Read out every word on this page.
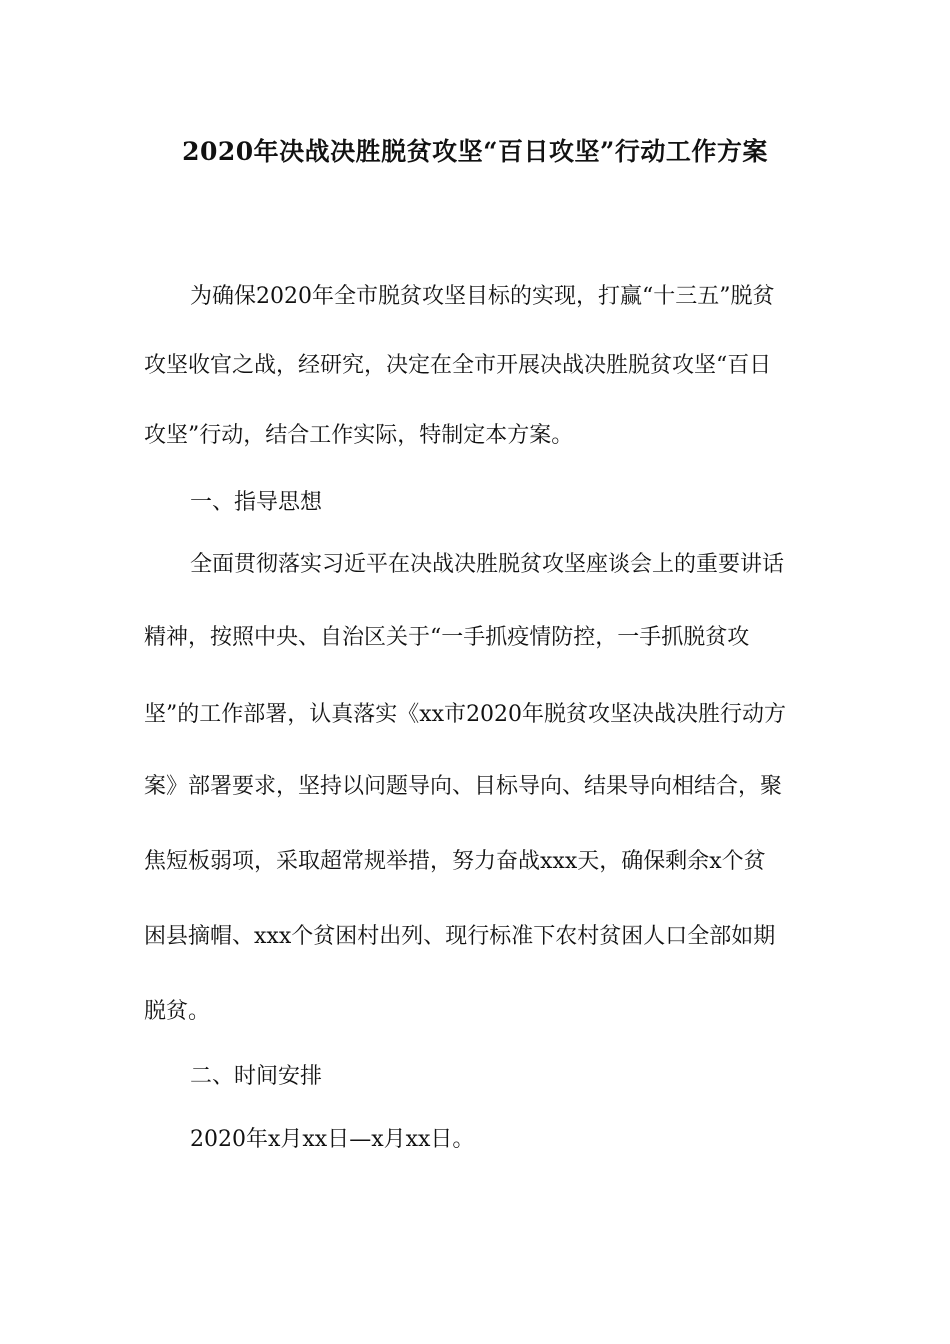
2020年决战决胜脱贫攻坚“百日攻坚”行动工作方案
为确保2020年全市脱贫攻坚目标的实现，打赢“十三五”脱贫
攻坚收官之战，经研究，决定在全市开展决战决胜脱贫攻坚“百日
攻坚”行动，结合工作实际，特制定本方案。
一、指导思想
全面贯彻落实习近平在决战决胜脱贫攻坚座谈会上的重要讲话
精神，按照中央、自治区关于“一手抓疫情防控，一手抓脱贫攻
坚”的工作部署，认真落实《xx市2020年脱贫攻坚决战决胜行动方
案》部署要求，坚持以问题导向、目标导向、结果导向相结合，聚
焦短板弱项，采取超常规举措，努力奋战xxx天，确保剩余x个贫
困县摘帽、xxx个贫困村出列、现行标准下农村贫困人口全部如期
脱贫。
二、时间安排
2020年x月xx日—x月xx日。
